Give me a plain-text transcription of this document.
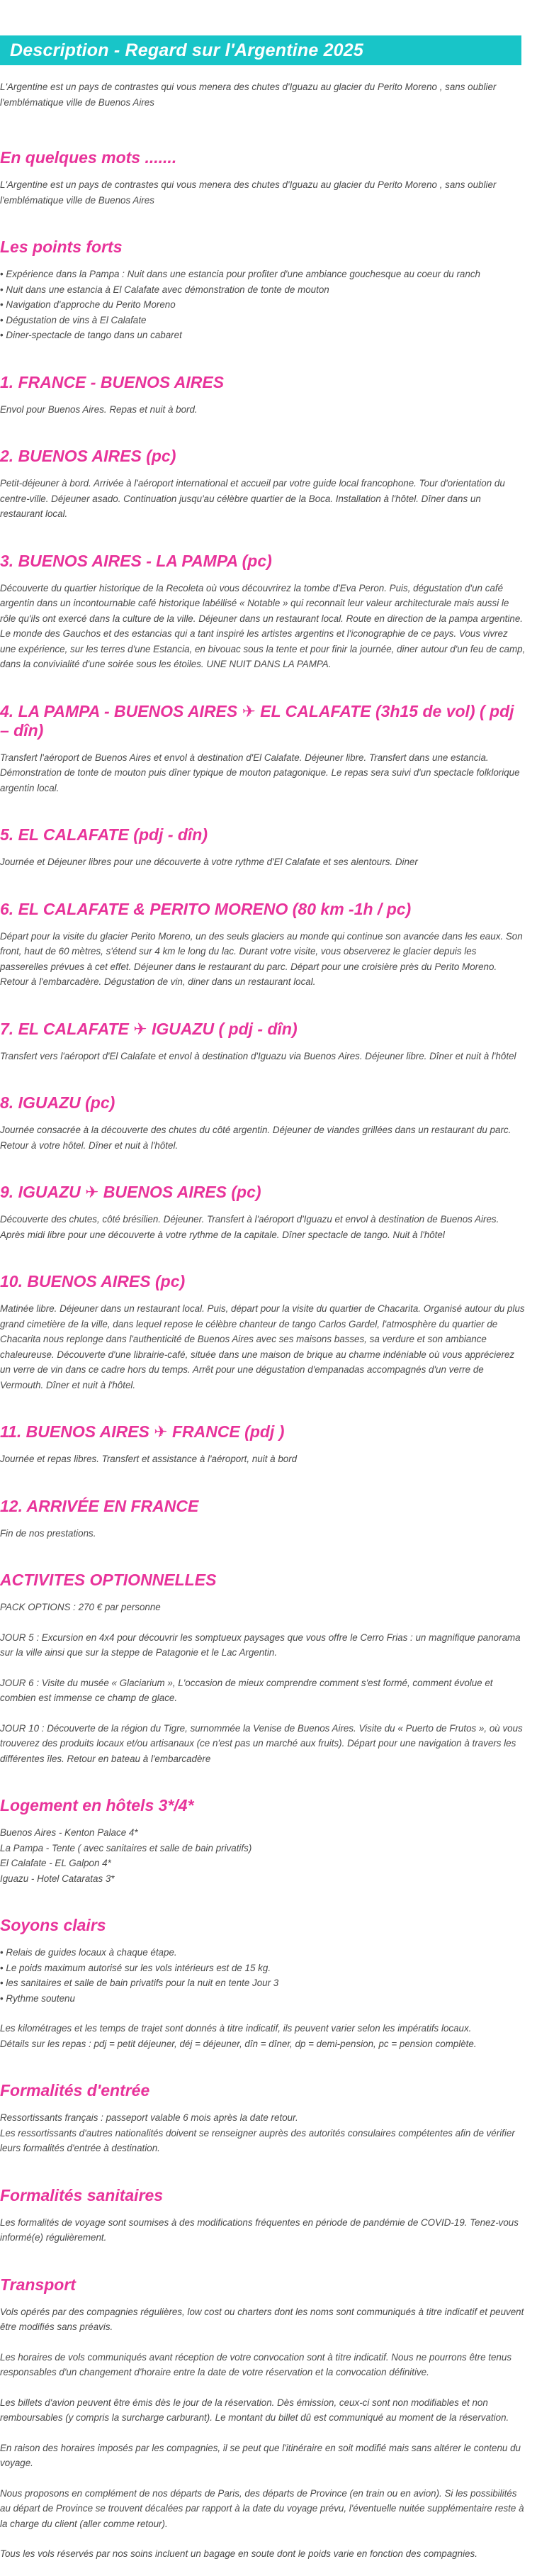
Description - Regard sur l'Argentine 2025

L'Argentine est un pays de contrastes qui vous menera des chutes d'Iguazu au glacier du Perito Moreno , sans oublier l'emblématique ville de Buenos Aires

En quelques mots .......

L'Argentine est un pays de contrastes qui vous menera des chutes d'Iguazu au glacier du Perito Moreno , sans oublier l'emblématique ville de Buenos Aires

Les points forts
• Expérience dans la Pampa : Nuit dans une estancia pour profiter d'une ambiance gouchesque au coeur du ranch
• Nuit dans une estancia à El Calafate avec démonstration de tonte de mouton
• Navigation d'approche du Perito Moreno
• Dégustation de vins à El Calafate
• Diner-spectacle de tango dans un cabaret
1. FRANCE - BUENOS AIRES

Envol pour Buenos Aires. Repas et nuit à bord.

2. BUENOS AIRES (pc)

Petit-déjeuner à bord. Arrivée à l'aéroport international et accueil par votre guide local francophone. Tour d'orientation du centre-ville. Déjeuner asado. Continuation jusqu'au célèbre quartier de la Boca. Installation à l'hôtel. Dîner dans un restaurant local.

3. BUENOS AIRES - LA PAMPA (pc)

Découverte du quartier historique de la Recoleta où vous découvrirez la tombe d'Eva Peron. Puis, dégustation d'un café argentin dans un incontournable café historique labéllisé « Notable » qui reconnait leur valeur architecturale mais aussi le rôle qu'ils ont exercé dans la culture de la ville. Déjeuner dans un restaurant local. Route en direction de la pampa argentine. Le monde des Gauchos et des estancias qui a tant inspiré les artistes argentins et l'iconographie de ce pays. Vous vivrez une expérience, sur les terres d'une Estancia, en bivouac sous la tente et pour finir la journée, diner autour d'un feu de camp, dans la convivialité d'une soirée sous les étoiles. UNE NUIT DANS LA PAMPA.

4. LA PAMPA - BUENOS AIRES ✈ EL CALAFATE (3h15 de vol) ( pdj – dîn)

Transfert l'aéroport de Buenos Aires et envol à destination d'El Calafate. Déjeuner libre. Transfert dans une estancia. Démonstration de tonte de mouton puis dîner typique de mouton patagonique. Le repas sera suivi d'un spectacle folklorique argentin local.

5. EL CALAFATE (pdj - dîn)

Journée et Déjeuner libres pour une découverte à votre rythme d'El Calafate et ses alentours. Diner

6. EL CALAFATE & PERITO MORENO (80 km -1h / pc)

Départ pour la visite du glacier Perito Moreno, un des seuls glaciers au monde qui continue son avancée dans les eaux. Son front, haut de 60 mètres, s'étend sur 4 km le long du lac. Durant votre visite, vous observerez le glacier depuis les passerelles prévues à cet effet. Déjeuner dans le restaurant du parc. Départ pour une croisière près du Perito Moreno. Retour à l'embarcadère. Dégustation de vin, diner dans un restaurant local.

7. EL CALAFATE ✈ IGUAZU ( pdj - dîn)

Transfert vers l'aéroport d'El Calafate et envol à destination d'Iguazu via Buenos Aires. Déjeuner libre. Dîner et nuit à l'hôtel

8. IGUAZU (pc)

Journée consacrée à la découverte des chutes du côté argentin. Déjeuner de viandes grillées dans un restaurant du parc. Retour à votre hôtel. Dîner et nuit à l'hôtel.

9. IGUAZU ✈ BUENOS AIRES (pc)

Découverte des chutes, côté brésilien. Déjeuner. Transfert à l'aéroport d'Iguazu et envol à destination de Buenos Aires. Après midi libre pour une découverte à votre rythme de la capitale. Dîner spectacle de tango. Nuit à l'hôtel

10. BUENOS AIRES (pc)

Matinée libre. Déjeuner dans un restaurant local. Puis, départ pour la visite du quartier de Chacarita. Organisé autour du plus grand cimetière de la ville, dans lequel repose le célèbre chanteur de tango Carlos Gardel, l'atmosphère du quartier de Chacarita nous replonge dans l'authenticité de Buenos Aires avec ses maisons basses, sa verdure et son ambiance chaleureuse. Découverte d'une librairie-café, située dans une maison de brique au charme indéniable où vous apprécierez un verre de vin dans ce cadre hors du temps. Arrêt pour une dégustation d'empanadas accompagnés d'un verre de Vermouth. Dîner et nuit à l'hôtel.

11. BUENOS AIRES ✈ FRANCE (pdj )

Journée et repas libres. Transfert et assistance à l'aéroport, nuit à bord

12. ARRIVÉE EN FRANCE

Fin de nos prestations.

ACTIVITES OPTIONNELLES

PACK OPTIONS : 270 € par personne

JOUR 5 : Excursion en 4x4 pour découvrir les somptueux paysages que vous offre le Cerro Frias : un magnifique panorama sur la ville ainsi que sur la steppe de Patagonie et le Lac Argentin.

JOUR 6 : Visite du musée « Glaciarium », L'occasion de mieux comprendre comment s'est formé, comment évolue et combien est immense ce champ de glace.

JOUR 10 : Découverte de la région du Tigre, surnommée la Venise de Buenos Aires. Visite du « Puerto de Frutos », où vous trouverez des produits locaux et/ou artisanaux (ce n'est pas un marché aux fruits). Départ pour une navigation à travers les différentes îles. Retour en bateau à l'embarcadère

Logement en hôtels 3*/4*

Buenos Aires - Kenton Palace 4*

La Pampa - Tente ( avec sanitaires et salle de bain privatifs)

El Calafate - EL Galpon 4*

Iguazu - Hotel Cataratas 3*

Soyons clairs
• Relais de guides locaux à chaque étape.
• Le poids maximum autorisé sur les vols intérieurs est de 15 kg.
• les sanitaires et salle de bain privatifs pour la nuit en tente Jour 3
• Rythme soutenu

Les kilométrages et les temps de trajet sont donnés à titre indicatif, ils peuvent varier selon les impératifs locaux.

Détails sur les repas : pdj = petit déjeuner, déj = déjeuner, dîn = dîner, dp = demi-pension, pc = pension complète.

Formalités d'entrée

Ressortissants français : passeport valable 6 mois après la date retour.

Les ressortissants d'autres nationalités doivent se renseigner auprès des autorités consulaires compétentes afin de vérifier leurs formalités d'entrée à destination.

Formalités sanitaires

Les formalités de voyage sont soumises à des modifications fréquentes en période de pandémie de COVID-19. Tenez-vous informé(e) régulièrement.

Transport

Vols opérés par des compagnies régulières, low cost ou charters dont les noms sont communiqués à titre indicatif et peuvent être modifiés sans préavis.

Les horaires de vols communiqués avant réception de votre convocation sont à titre indicatif. Nous ne pourrons être tenus responsables d'un changement d'horaire entre la date de votre réservation et la convocation définitive.

Les billets d'avion peuvent être émis dès le jour de la réservation. Dès émission, ceux-ci sont non modifiables et non remboursables (y compris la surcharge carburant). Le montant du billet dû est communiqué au moment de la réservation.

En raison des horaires imposés par les compagnies, il se peut que l'itinéraire en soit modifié mais sans altérer le contenu du voyage.

Nous proposons en complément de nos départs de Paris, des départs de Province (en train ou en avion). Si les possibilités au départ de Province se trouvent décalées par rapport à la date du voyage prévu, l'éventuelle nuitée supplémentaire reste à la charge du client (aller comme retour).

Tous les vols réservés par nos soins incluent un bagage en soute dont le poids varie en fonction des compagnies.
